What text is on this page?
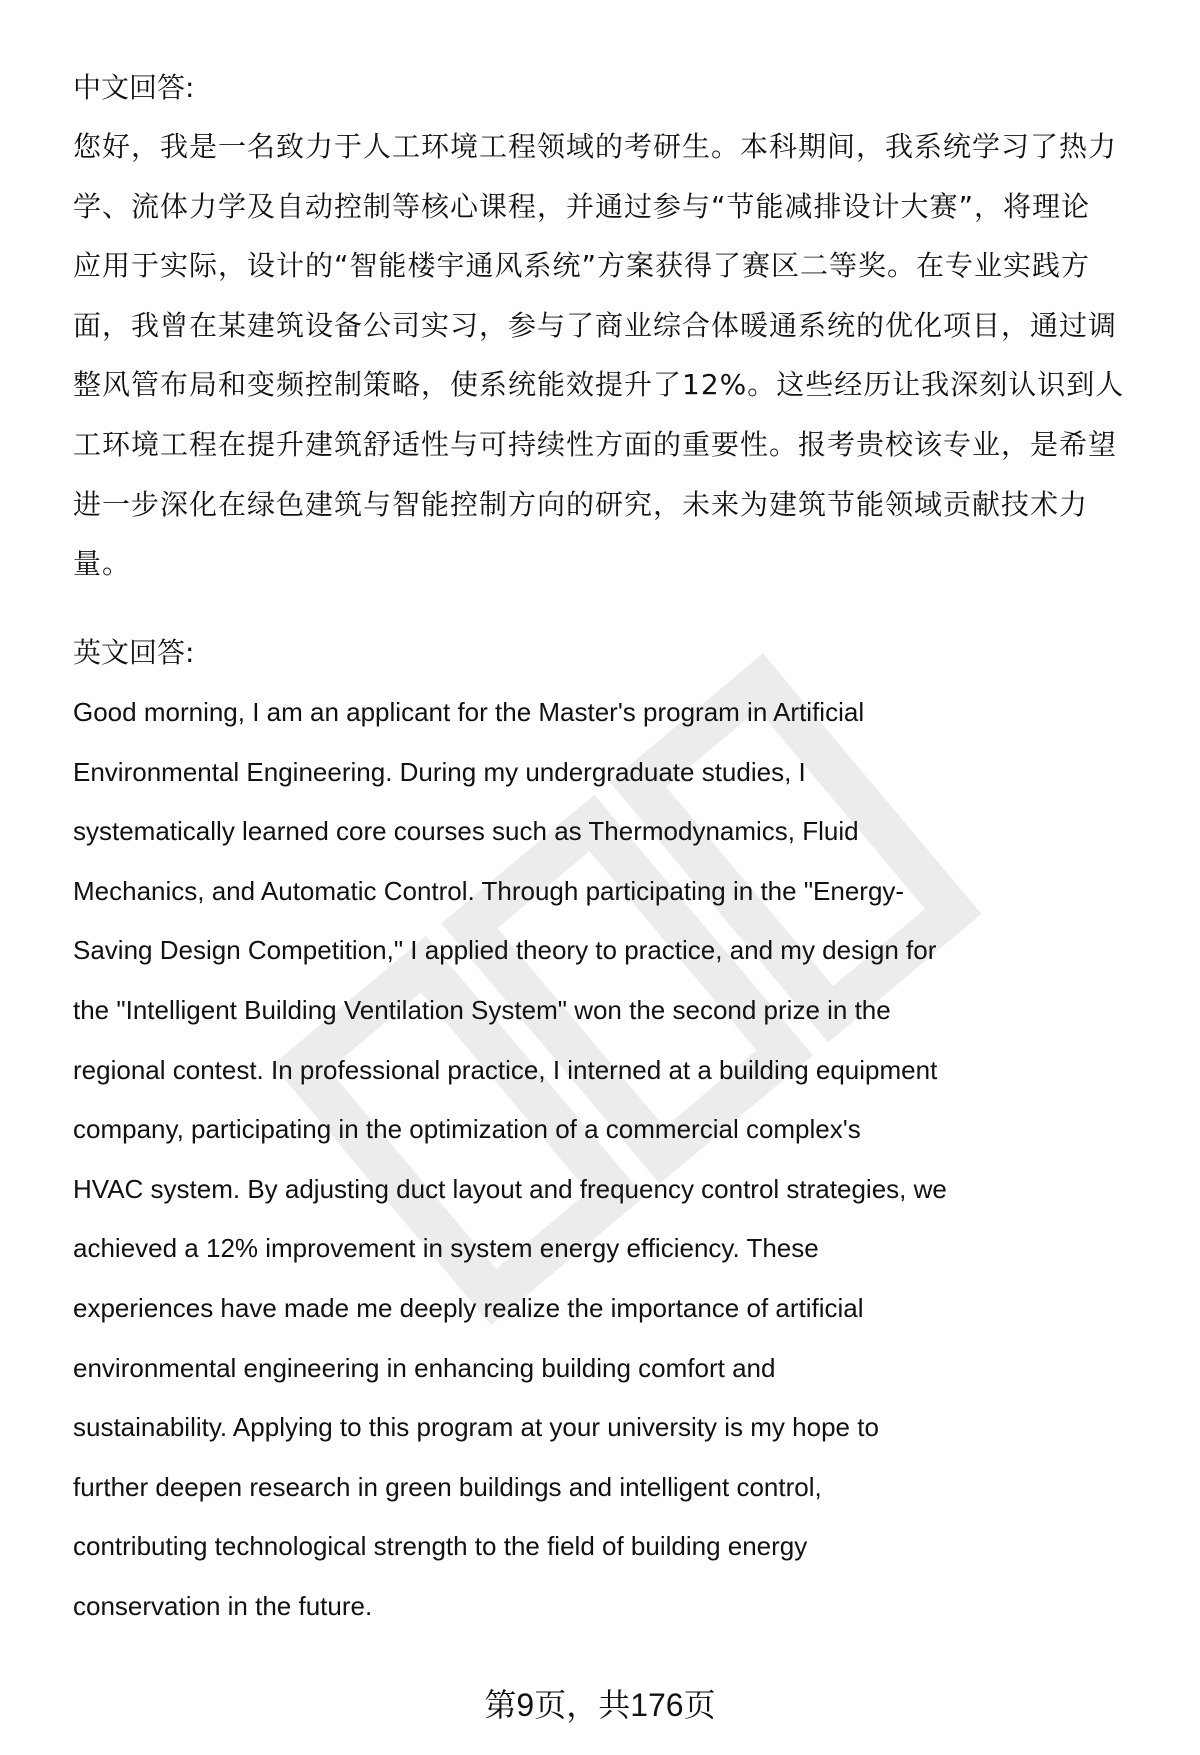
中文回答:
您好，我是一名致力于人工环境工程领域的考研生。本科期间，我系统学习了热力
学、流体力学及自动控制等核心课程，并通过参与“节能减排设计大赛”，将理论
应用于实际，设计的“智能楼宇通风系统”方案获得了赛区二等奖。在专业实践方
面，我曾在某建筑设备公司实习，参与了商业综合体暖通系统的优化项目，通过调
整风管布局和变频控制策略，使系统能效提升了12%。这些经历让我深刻认识到人
工环境工程在提升建筑舒适性与可持续性方面的重要性。报考贵校该专业，是希望
进一步深化在绿色建筑与智能控制方向的研究，未来为建筑节能领域贡献技术力
量。
英文回答:
Good morning, I am an applicant for the Master's program in Artificial
Environmental Engineering. During my undergraduate studies, I
systematically learned core courses such as Thermodynamics, Fluid
Mechanics, and Automatic Control. Through participating in the "Energy-
Saving Design Competition," I applied theory to practice, and my design for
the "Intelligent Building Ventilation System" won the second prize in the
regional contest. In professional practice, I interned at a building equipment
company, participating in the optimization of a commercial complex's
HVAC system. By adjusting duct layout and frequency control strategies, we
achieved a 12% improvement in system energy efficiency. These
experiences have made me deeply realize the importance of artificial
environmental engineering in enhancing building comfort and
sustainability. Applying to this program at your university is my hope to
further deepen research in green buildings and intelligent control,
contributing technological strength to the field of building energy
conservation in the future.
第9页，共176页
